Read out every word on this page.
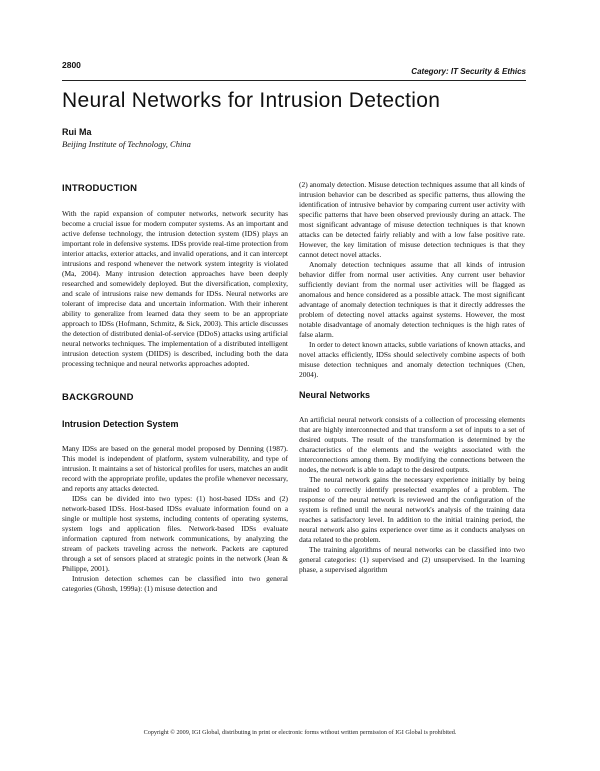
2800
Category: IT Security & Ethics
Neural Networks for Intrusion Detection
Rui Ma
Beijing Institute of Technology, China
INTRODUCTION

With the rapid expansion of computer networks, network security has become a crucial issue for modern computer systems. As an important and active defense technology, the intrusion detection system (IDS) plays an important role in defensive systems. IDSs provide real-time protection from interior attacks, exterior attacks, and invalid operations, and it can intercept intrusions and respond whenever the network system integrity is violated (Ma, 2004). Many intrusion detection approaches have been deeply researched and somewidely deployed. But the diversification, complexity, and scale of intrusions raise new demands for IDSs. Neural networks are tolerant of imprecise data and uncertain information. With their inherent ability to generalize from learned data they seem to be an appropriate approach to IDSs (Hofmann, Schmitz, & Sick, 2003). This article discusses the detection of distributed denial-of-service (DDoS) attacks using artificial neural networks techniques. The implementation of a distributed intelligent intrusion detection system (DIIDS) is described, including both the data processing technique and neural networks approaches adopted.

BACKGROUND
Intrusion Detection System

Many IDSs are based on the general model proposed by Denning (1987). This model is independent of platform, system vulnerability, and type of intrusion. It maintains a set of historical profiles for users, matches an audit record with the appropriate profile, updates the profile whenever necessary, and reports any attacks detected.

IDSs can be divided into two types: (1) host-based IDSs and (2) network-based IDSs. Host-based IDSs evaluate information found on a single or multiple host systems, including contents of operating systems, system logs and application files. Network-based IDSs evaluate information captured from network communications, by analyzing the stream of packets traveling across the network. Packets are captured through a set of sensors placed at strategic points in the network (Jean & Philippe, 2001).

Intrusion detection schemes can be classified into two general categories (Ghosh, 1999a): (1) misuse detection and

(2) anomaly detection. Misuse detection techniques assume that all kinds of intrusion behavior can be described as specific patterns, thus allowing the identification of intrusive behavior by comparing current user activity with specific patterns that have been observed previously during an attack. The most significant advantage of misuse detection techniques is that known attacks can be detected fairly reliably and with a low false positive rate. However, the key limitation of misuse detection techniques is that they cannot detect novel attacks.

Anomaly detection techniques assume that all kinds of intrusion behavior differ from normal user activities. Any current user behavior sufficiently deviant from the normal user activities will be flagged as anomalous and hence considered as a possible attack. The most significant advantage of anomaly detection techniques is that it directly addresses the problem of detecting novel attacks against systems. However, the most notable disadvantage of anomaly detection techniques is the high rates of false alarm.

In order to detect known attacks, subtle variations of known attacks, and novel attacks efficiently, IDSs should selectively combine aspects of both misuse detection techniques and anomaly detection techniques (Chen, 2004).

Neural Networks

An artificial neural network consists of a collection of processing elements that are highly interconnected and that transform a set of inputs to a set of desired outputs. The result of the transformation is determined by the characteristics of the elements and the weights associated with the interconnections among them. By modifying the connections between the nodes, the network is able to adapt to the desired outputs.

The neural network gains the necessary experience initially by being trained to correctly identify preselected examples of a problem. The response of the neural network is reviewed and the configuration of the system is refined until the neural network's analysis of the training data reaches a satisfactory level. In addition to the initial training period, the neural network also gains experience over time as it conducts analyses on data related to the problem.

The training algorithms of neural networks can be classified into two general categories: (1) supervised and (2) unsupervised. In the learning phase, a supervised algorithm

Copyright © 2009, IGI Global, distributing in print or electronic forms without written permission of IGI Global is prohibited.
